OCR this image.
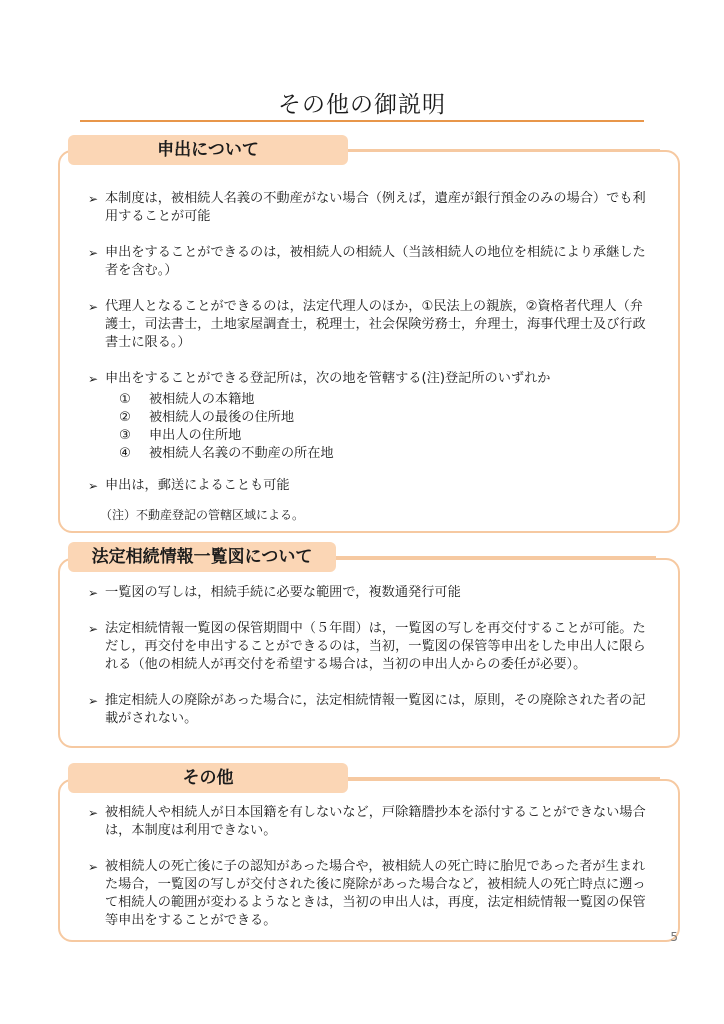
その他の御説明
申出について
➢ 本制度は，被相続人名義の不動産がない場合（例えば，遺産が銀行預金のみの場合）でも利用することが可能
➢ 申出をすることができるのは，被相続人の相続人（当該相続人の地位を相続により承継した者を含む。）
➢ 代理人となることができるのは，法定代理人のほか，①民法上の親族，②資格者代理人（弁護士，司法書士，土地家屋調査士，税理士，社会保険労務士，弁理士，海事代理士及び行政書士に限る。）
➢ 申出をすることができる登記所は，次の地を管轄する(注)登記所のいずれか
① 被相続人の本籍地
② 被相続人の最後の住所地
③ 申出人の住所地
④ 被相続人名義の不動産の所在地
➢ 申出は，郵送によることも可能
（注）不動産登記の管轄区域による。
法定相続情報一覧図について
➢ 一覧図の写しは，相続手続に必要な範囲で，複数通発行可能
➢ 法定相続情報一覧図の保管期間中（５年間）は，一覧図の写しを再交付することが可能。ただし，再交付を申出することができるのは，当初，一覧図の保管等申出をした申出人に限られる（他の相続人が再交付を希望する場合は，当初の申出人からの委任が必要）。
➢ 推定相続人の廃除があった場合に，法定相続情報一覧図には，原則，その廃除された者の記載がされない。
その他
➢ 被相続人や相続人が日本国籍を有しないなど，戸除籍謄抄本を添付することができない場合は，本制度は利用できない。
➢ 被相続人の死亡後に子の認知があった場合や，被相続人の死亡時に胎児であった者が生まれた場合，一覧図の写しが交付された後に廃除があった場合など，被相続人の死亡時点に遡って相続人の範囲が変わるようなときは，当初の申出人は，再度，法定相続情報一覧図の保管等申出をすることができる。
5
